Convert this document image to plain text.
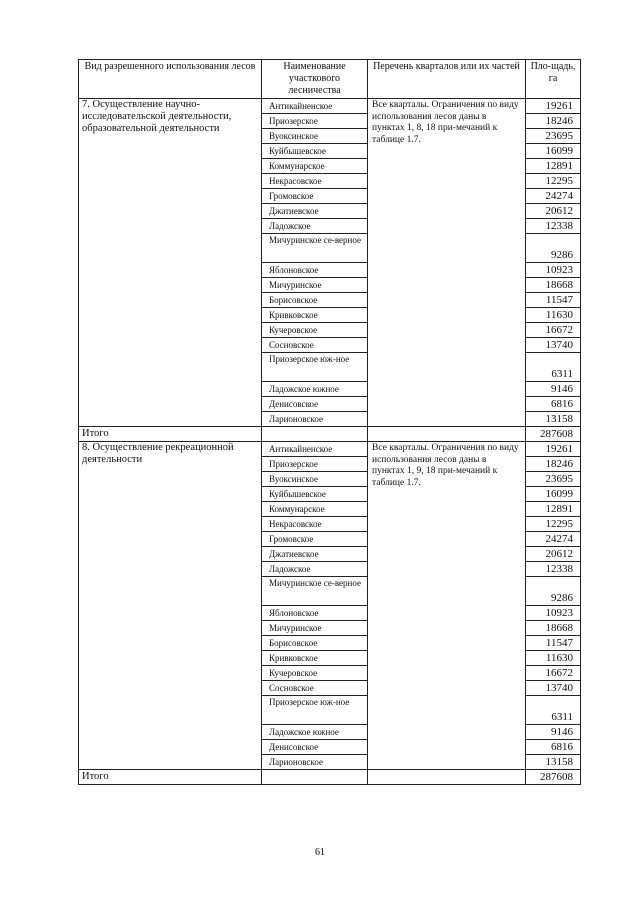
Вид разрешенного использования лесов	Наименование участкового лесничества	Перечень кварталов или их частей	Пло-щадь, га
7. Осуществление научно-исследовательской деятельности, образовательной деятельности	Антикайненское	Все кварталы. Ограничения по виду использования лесов даны в пунктах 1, 8, 18 при-мечаний к таблице 1.7.	19261
	Приозерское		18246
	Вуоксинское		23695
	Куйбышевское		16099
	Коммунарское		12891
	Некрасовское		12295
	Громовское		24274
	Джатиевское		20612
	Ладожское		12338
	Мичуринское се-верное		9286
	Яблоновское		10923
	Мичуринское		18668
	Борисовское		11547
	Кривковское		11630
	Кучеровское		16672
	Сосновское		13740
	Приозерское юж-ное		6311
	Ладожское южное		9146
	Денисовское		6816
	Ларионовское		13158
Итого			287608
8. Осуществление рекреационной деятельности	Антикайненское	Все кварталы. Ограничения по виду использования лесов даны в пунктах 1, 9, 18 при-мечаний к таблице 1.7.	19261
	Приозерское		18246
	Вуоксинское		23695
	Куйбышевское		16099
	Коммунарское		12891
	Некрасовское		12295
	Громовское		24274
	Джатиевское		20612
	Ладожское		12338
	Мичуринское се-верное		9286
	Яблоновское		10923
	Мичуринское		18668
	Борисовское		11547
	Кривковское		11630
	Кучеровское		16672
	Сосновское		13740
	Приозерское юж-ное		6311
	Ладожское южное		9146
	Денисовское		6816
	Ларионовское		13158
Итого			287608
61
